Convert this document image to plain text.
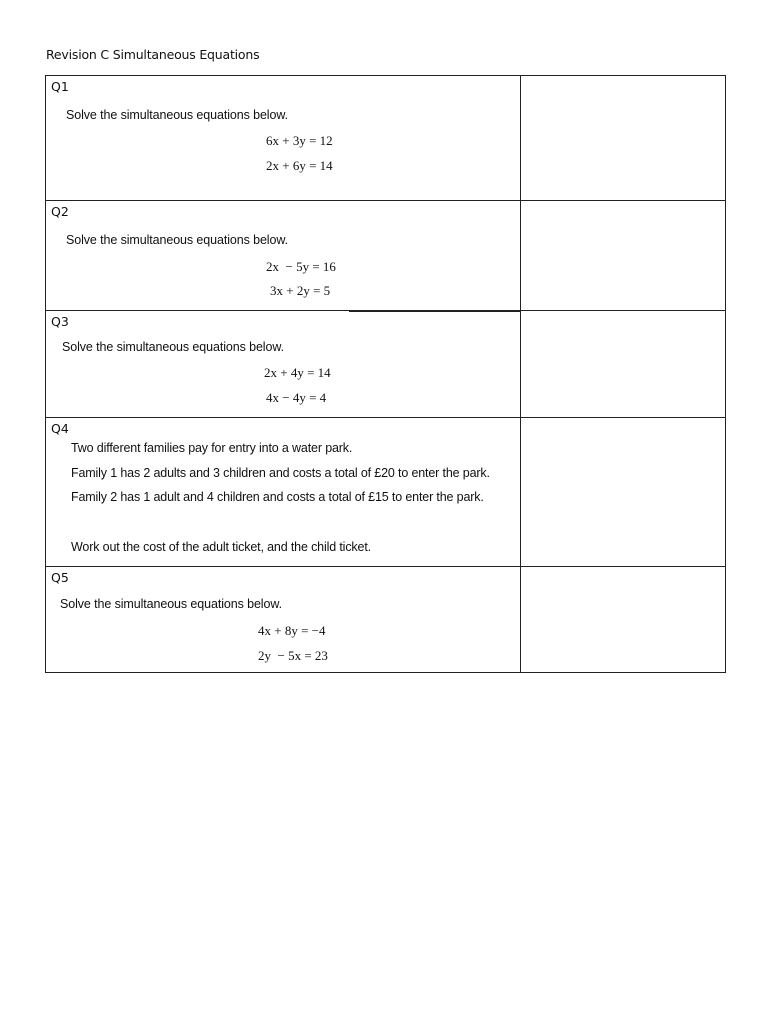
Revision C Simultaneous Equations
Q1
Solve the simultaneous equations below.
6x + 3y = 12
2x + 6y = 14	

Q2
Solve the simultaneous equations below.
2x  − 5y = 16
3x + 2y = 5	

Q3
Solve the simultaneous equations below.
2x + 4y = 14
4x − 4y = 4	

Q4
Two different families pay for entry into a water park.
Family 1 has 2 adults and 3 children and costs a total of £20 to enter the park.
Family 2 has 1 adult and 4 children and costs a total of £15 to enter the park.
Work out the cost of the adult ticket, and the child ticket.	

Q5
Solve the simultaneous equations below.
4x + 8y = −4
2y  − 5x = 23	
